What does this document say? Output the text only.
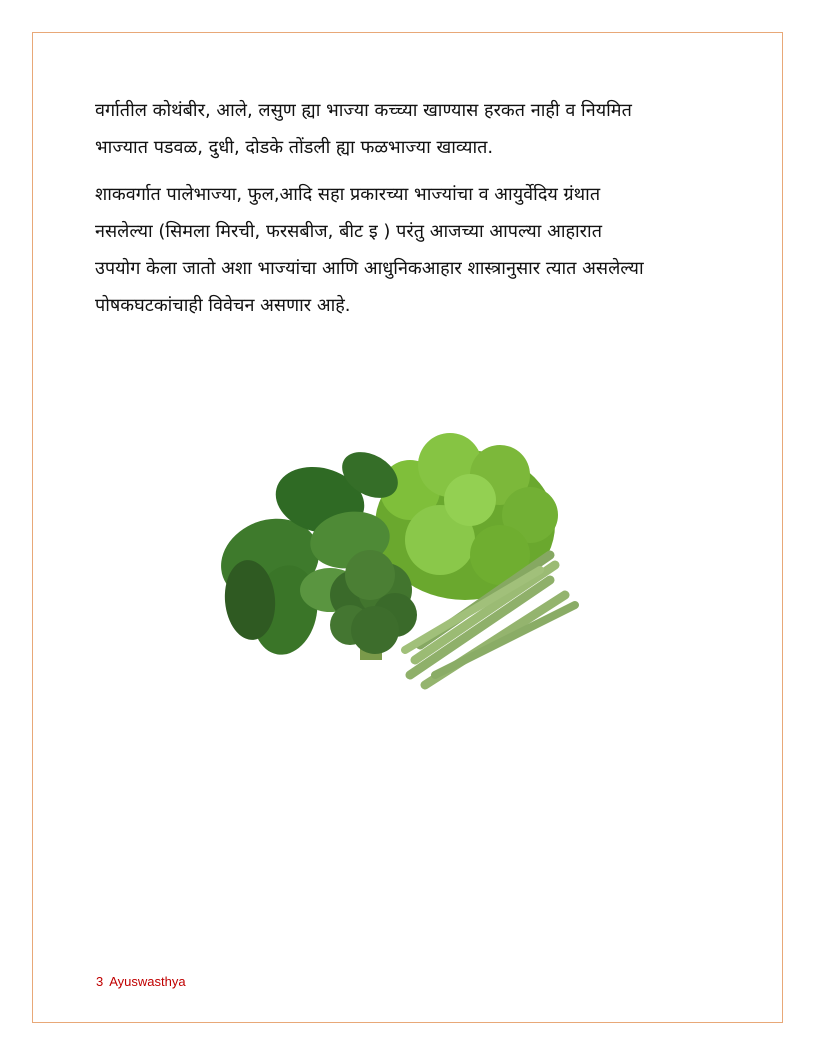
वर्गातील कोथंबीर, आले, लसुण ह्या भाज्या कच्च्या खाण्यास हरकत नाही व नियमित
भाज्यात पडवळ, दुधी, दोडके तोंडली ह्या फळभाज्या खाव्यात.

शाकवर्गात पालेभाज्या, फुल,आदि सहा प्रकारच्या भाज्यांचा व आयुर्वेदिय ग्रंथात
नसलेल्या (सिमला मिरची, फरसबीज, बीट इ ) परंतु आजच्या आपल्या आहारात
उपयोग केला जातो अशा भाज्यांचा आणि आधुनिकआहार शास्त्रानुसार त्यात असलेल्या
पोषकघटकांचाही विवेचन असणार आहे.

3 Ayuswasthya
